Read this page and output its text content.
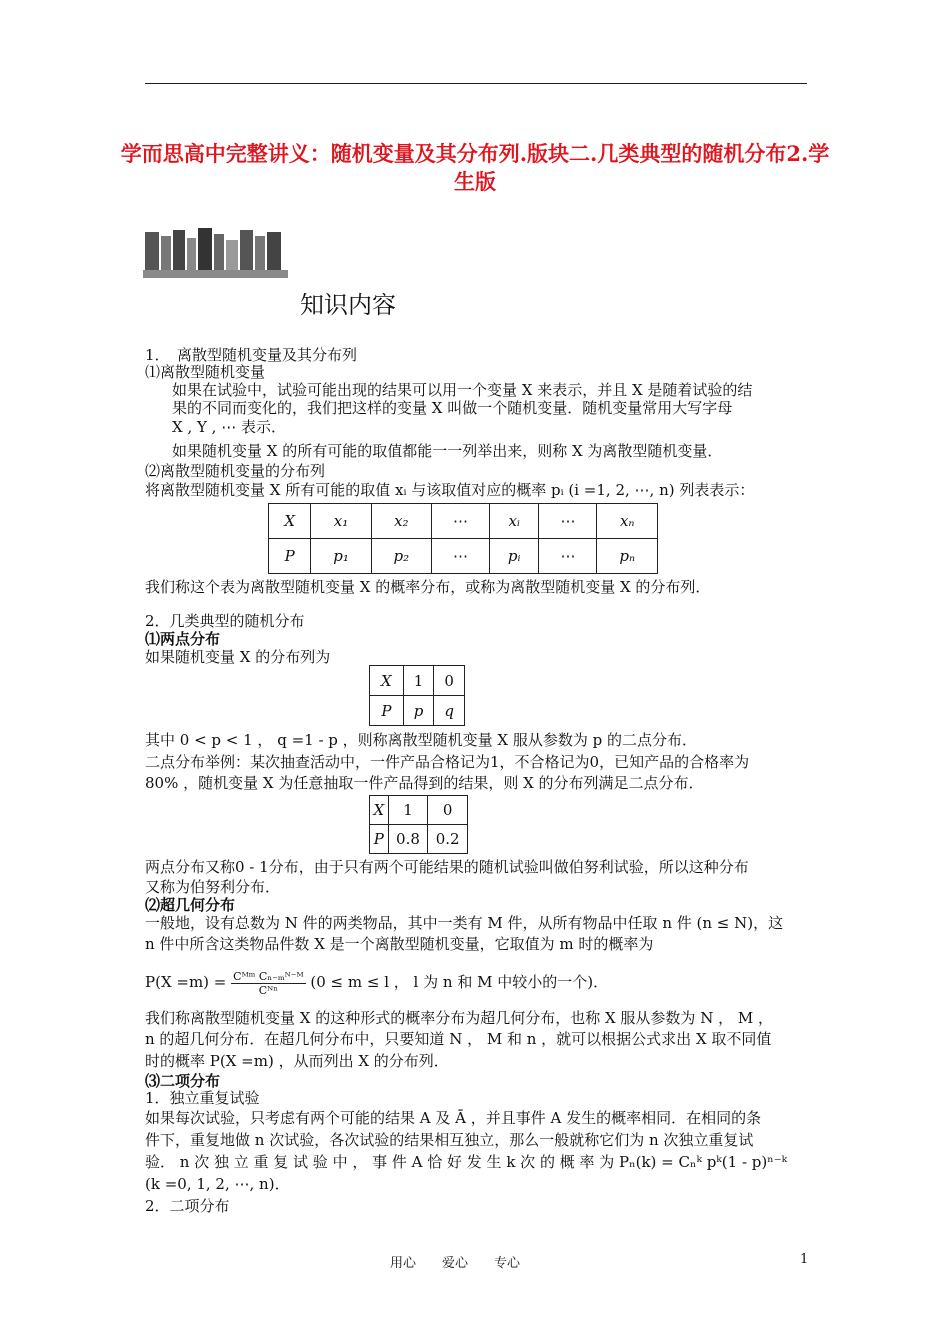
学而思高中完整讲义：随机变量及其分布列.版块二.几类典型的随机分布2.学生版
知识内容
1．　离散型随机变量及其分布列
⑴离散型随机变量
如果在试验中，试验可能出现的结果可以用一个变量 X 来表示，并且 X 是随着试验的结
果的不同而变化的，我们把这样的变量 X 叫做一个随机变量．随机变量常用大写字母
X , Y , ⋯ 表示．
如果随机变量 X 的所有可能的取值都能一一列举出来，则称 X 为离散型随机变量．
⑵离散型随机变量的分布列
将离散型随机变量 X 所有可能的取值 xᵢ 与该取值对应的概率 pᵢ (i =1, 2, ⋯, n) 列表表示：
X	x₁	x₂	⋯	xᵢ	⋯	xₙ
P	p₁	p₂	⋯	pᵢ	⋯	pₙ
我们称这个表为离散型随机变量 X 的概率分布，或称为离散型随机变量 X 的分布列．
2．几类典型的随机分布
⑴两点分布
如果随机变量 X 的分布列为
X	1	0
P	p	q
其中 0 < p < 1 ， q =1 - p ，则称离散型随机变量 X 服从参数为 p 的二点分布．
二点分布举例：某次抽查活动中，一件产品合格记为1，不合格记为0，已知产品的合格率为
80% ，随机变量 X 为任意抽取一件产品得到的结果，则 X 的分布列满足二点分布．
X	1	0
P	0.8	0.2
两点分布又称0 - 1分布，由于只有两个可能结果的随机试验叫做伯努利试验，所以这种分布
又称为伯努利分布．
⑵超几何分布
一般地，设有总数为 N 件的两类物品，其中一类有 M 件，从所有物品中任取 n 件 (n ≤ N)，这
n 件中所含这类物品件数 X 是一个离散型随机变量，它取值为 m 时的概率为
$P(X =m) = \frac{\text{Cᴹᵐ Cₙ₋ₘᴺ⁻ᴹ}}{\text{Cᴺⁿ}} (0 \le m \le l$ ， l 为 n 和 M 中较小的一个)．
我们称离散型随机变量 X 的这种形式的概率分布为超几何分布，也称 X 服从参数为 N ， M ，
n 的超几何分布．在超几何分布中，只要知道 N ， M 和 n ，就可以根据公式求出 X 取不同值
时的概率 P(X =m) ，从而列出 X 的分布列．
⑶二项分布
1．独立重复试验
如果每次试验，只考虑有两个可能的结果 A 及 Ā ，并且事件 A 发生的概率相同．在相同的条
件下，重复地做 n 次试验，各次试验的结果相互独立，那么一般就称它们为 n 次独立重复试
验． n 次 独 立 重 复 试 验 中 ， 事 件 A 恰 好 发 生 k 次 的 概 率 为 Pₙ(k) = Cₙᵏ pᵏ(1 - p)ⁿ⁻ᵏ
(k =0, 1, 2, ⋯, n)．
2．二项分布
用心　　爱心　　专心	1
